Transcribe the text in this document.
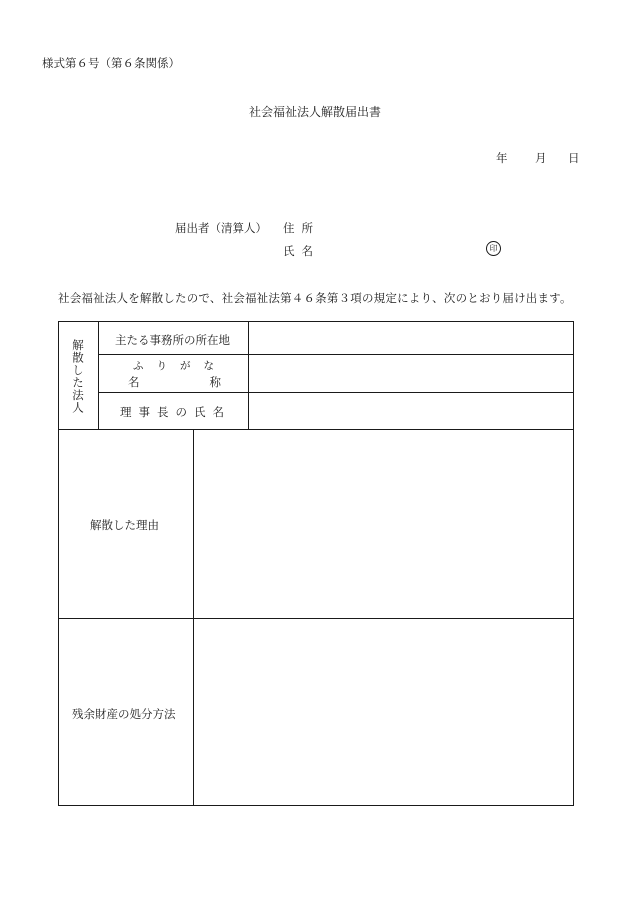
様式第６号（第６条関係）
社会福祉法人解散届出書
年 月 日
届出者（清算人） 住所
氏名	印
社会福祉法人を解散したので、社会福祉法第４６条第３項の規定により、次のとおり届け出ます。
解散した法人	主たる事務所の所在地
ふりがな
名称
理事長の氏名
解散した理由
残余財産の処分方法
